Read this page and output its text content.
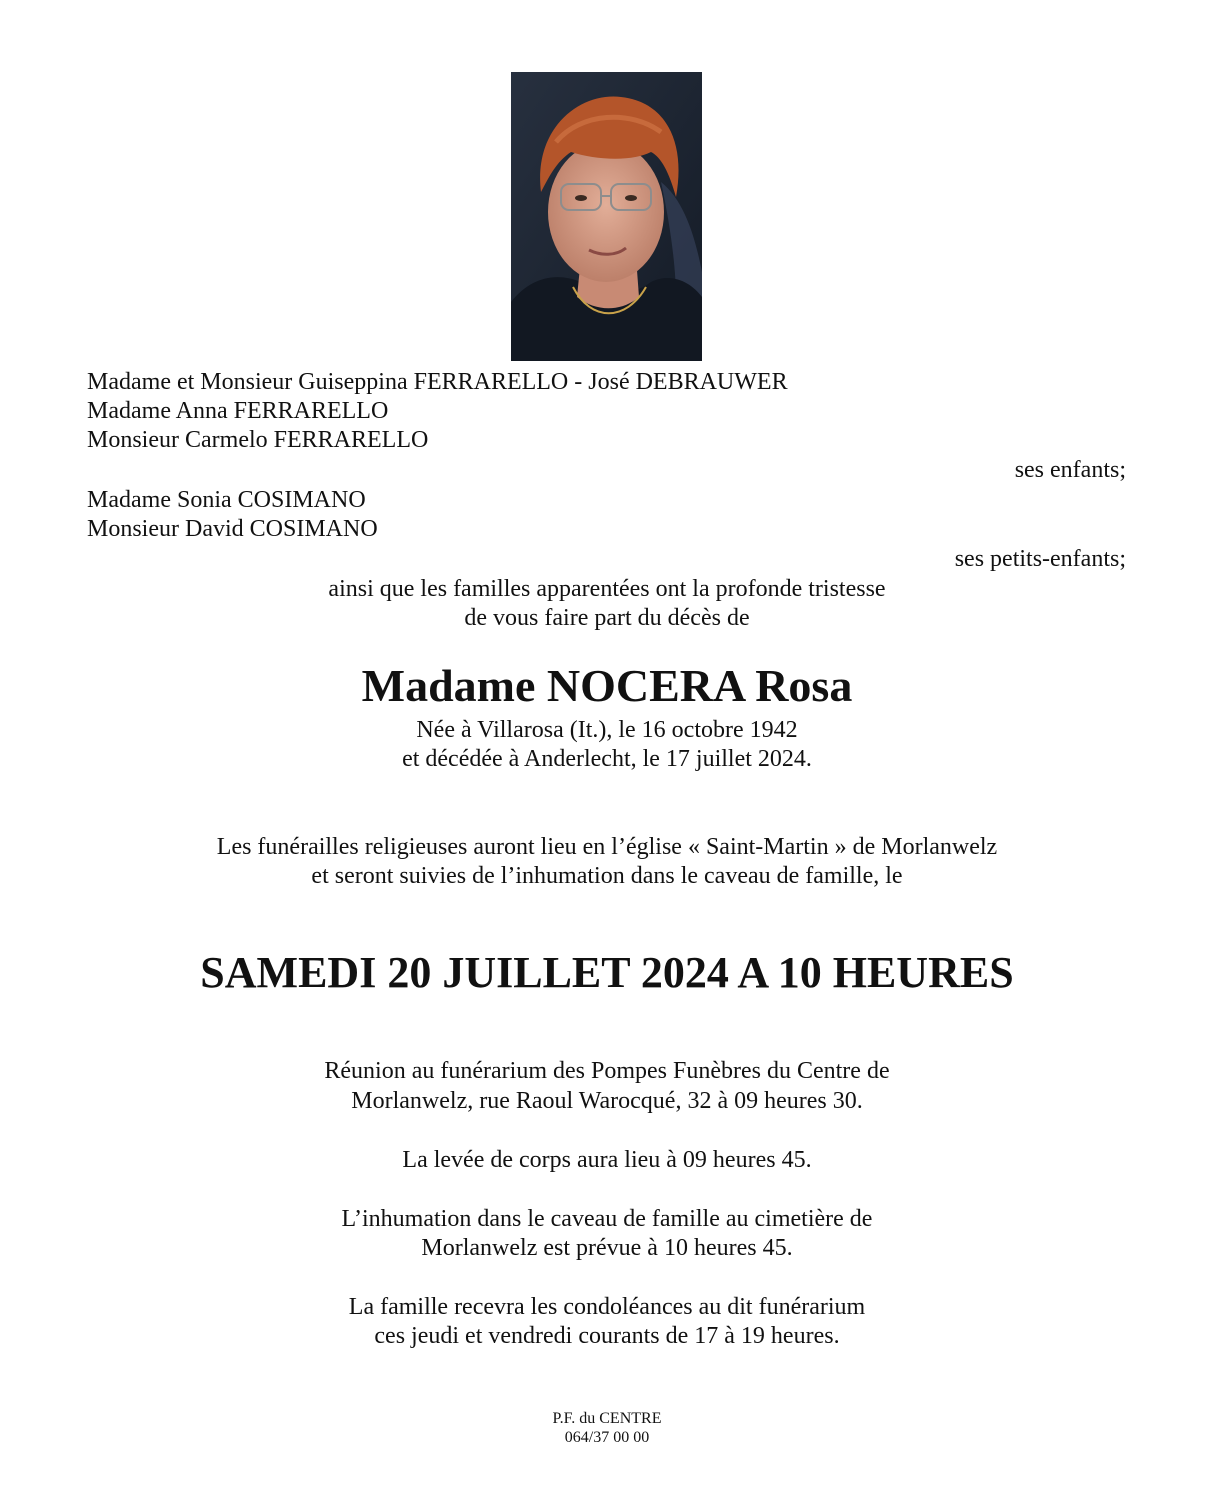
Madame et Monsieur Guiseppina FERRARELLO - José DEBRAUWER
Madame Anna FERRARELLO
Monsieur Carmelo FERRARELLO
ses enfants;
Madame Sonia COSIMANO
Monsieur David COSIMANO
ses petits-enfants;
ainsi que les familles apparentées ont la profonde tristesse
de vous faire part du décès de
Madame NOCERA Rosa
Née à Villarosa (It.), le 16 octobre 1942
et décédée à Anderlecht, le 17 juillet 2024.
Les funérailles religieuses auront lieu en l’église « Saint-Martin » de Morlanwelz
et seront suivies de l’inhumation dans le caveau de famille, le
SAMEDI 20 JUILLET 2024 A 10 HEURES
Réunion au funérarium des Pompes Funèbres du Centre de
Morlanwelz, rue Raoul Warocqué, 32 à 09 heures 30.
La levée de corps aura lieu à 09 heures 45.
L’inhumation dans le caveau de famille au cimetière de
Morlanwelz est prévue à 10 heures 45.
La famille recevra les condoléances au dit funérarium
ces jeudi et vendredi courants de 17 à 19 heures.
P.F. du CENTRE
064/37 00 00
